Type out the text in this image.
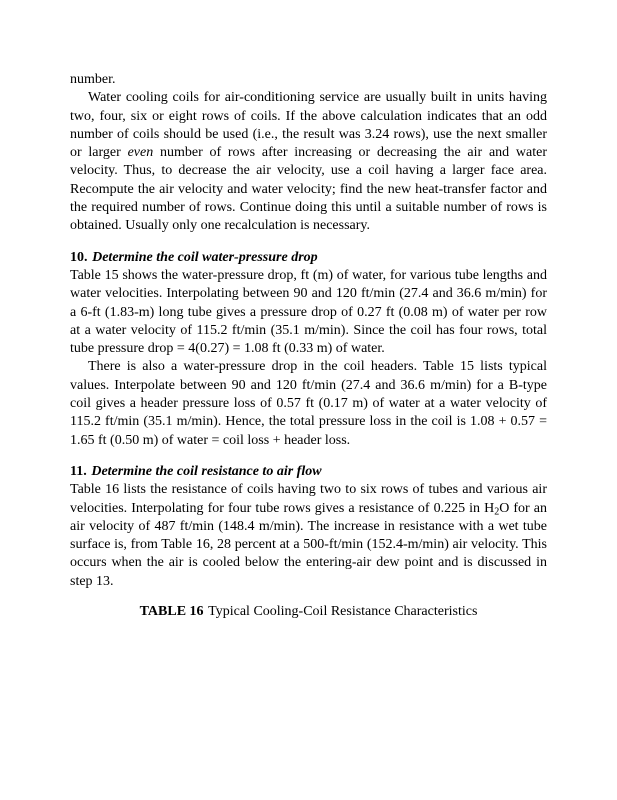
number.

Water cooling coils for air-conditioning service are usually built in units having two, four, six or eight rows of coils. If the above calculation indicates that an odd number of coils should be used (i.e., the result was 3.24 rows), use the next smaller or larger even number of rows after increasing or decreasing the air and water velocity. Thus, to decrease the air velocity, use a coil having a larger face area. Recompute the air velocity and water velocity; find the new heat-transfer factor and the required number of rows. Continue doing this until a suitable number of rows is obtained. Usually only one recalculation is necessary.

10. Determine the coil water-pressure drop

Table 15 shows the water-pressure drop, ft (m) of water, for various tube lengths and water velocities. Interpolating between 90 and 120 ft/min (27.4 and 36.6 m/min) for a 6-ft (1.83-m) long tube gives a pressure drop of 0.27 ft (0.08 m) of water per row at a water velocity of 115.2 ft/min (35.1 m/min). Since the coil has four rows, total tube pressure drop = 4(0.27) = 1.08 ft (0.33 m) of water.

There is also a water-pressure drop in the coil headers. Table 15 lists typical values. Interpolate between 90 and 120 ft/min (27.4 and 36.6 m/min) for a B-type coil gives a header pressure loss of 0.57 ft (0.17 m) of water at a water velocity of 115.2 ft/min (35.1 m/min). Hence, the total pressure loss in the coil is 1.08 + 0.57 = 1.65 ft (0.50 m) of water = coil loss + header loss.

11. Determine the coil resistance to air flow

Table 16 lists the resistance of coils having two to six rows of tubes and various air velocities. Interpolating for four tube rows gives a resistance of 0.225 in $H_2O$ for an air velocity of 487 ft/min (148.4 m/min). The increase in resistance with a wet tube surface is, from Table 16, 28 percent at a 500-ft/min (152.4-m/min) air velocity. This occurs when the air is cooled below the entering-air dew point and is discussed in step 13.

TABLE 16 Typical Cooling-Coil Resistance Characteristics
